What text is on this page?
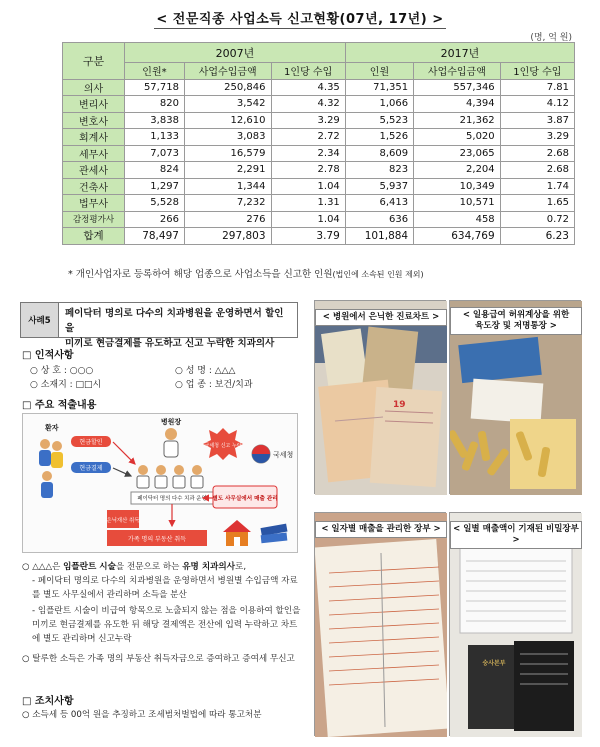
< 전문직종 사업소득 신고현황(07년, 17년) >
(명, 억 원)
구분	2007년			2017년		
	인원*	사업수입금액	1인당 수입	인원	사업수입금액	1인당 수입
의사	57,718	250,846	4.35	71,351	557,346	7.81
변리사	820	3,542	4.32	1,066	4,394	4.12
변호사	3,838	12,610	3.29	5,523	21,362	3.87
회계사	1,133	3,083	2.72	1,526	5,020	3.29
세무사	7,073	16,579	2.34	8,609	23,065	2.68
관세사	824	2,291	2.78	823	2,204	2.68
건축사	1,297	1,344	1.04	5,937	10,349	1.74
법무사	5,528	7,232	1.31	6,413	10,571	1.65
감정평가사	266	276	1.04	636	458	0.72
합계	78,497	297,803	3.79	101,884	634,769	6.23
* 개인사업자로 등록하여 해당 업종으로 사업소득을 신고한 인원(법인에 소속된 인원 제외)
사례5
페이닥터 명의로 다수의 치과병원을 운영하면서 할인을
미끼로 현금결제를 유도하고 신고 누락한 치과의사
□ 인적사항
○ 상 호 : ○○○
○ 소재지 : □□시
○ 성 명 : △△△
○ 업 종 : 보건/치과
□ 주요 적출내용
환자
현금할인
현금결제
병원장
페이닥터 명의 다수 치과 운영
국세청 신고 누락
국세청
별도 사무실에서 매출 관리
은닉재산 취득
가족 명의 부동산 취득
○ △△△은 임플란트 시술을 전문으로 하는 유명 치과의사로,
- 페이닥터 명의로 다수의 치과병원을 운영하면서 병원별 수입금액 자료를 별도 사무실에서 관리하며 소득을 분산
- 임플란트 시술이 비급여 항목으로 노출되지 않는 점을 이용하여 할인을 미끼로 현금결제를 유도한 뒤 해당 결제액은 전산에 입력 누락하고 차트에 별도 관리하며 신고누락
○ 탈루한 소득은 가족 명의 부동산 취득자금으로 증여하고 증여세 무신고
□ 조치사항
○ 소득세 등 00억 원을 추징하고 조세범처벌법에 따라 통고처분
19
< 병원에서 은닉한 진료차트 >	< 일용급여 허위계상을 위한
육도장 및 저명통장 >
< 일자별 매출을 관리한 장부 >
숭사본부
< 일별 매출액이 기재된 비밀장부 >
